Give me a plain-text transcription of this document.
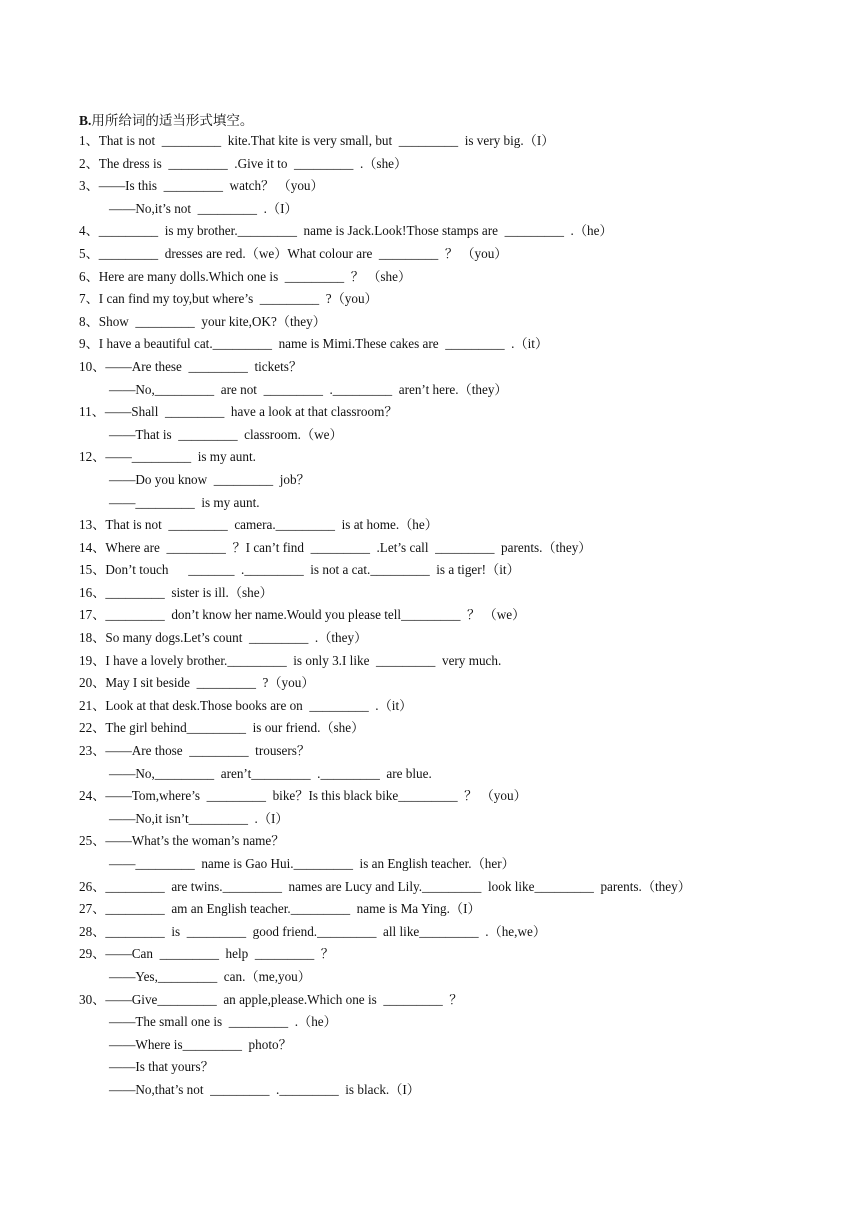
B.用所给词的适当形式填空。
1、That is not  _________  kite.That kite is very small, but  _________  is very big.（I）
2、The dress is  _________  .Give it to  _________  .（she）
3、——Is this  _________  watch？ （you）
——No,it’s not  _________  .（I）
4、_________  is my brother._________  name is Jack.Look!Those stamps are  _________  .（he）
5、_________  dresses are red.（we）What colour are  _________  ？ （you）
6、Here are many dolls.Which one is  _________  ？ （she）
7、I can find my toy,but where’s  _________  ?（you）
8、Show  _________  your kite,OK?（they）
9、I have a beautiful cat._________  name is Mimi.These cakes are  _________  .（it）
10、——Are these  _________  tickets？
——No,_________  are not  _________  ._________  aren’t here.（they）
11、——Shall  _________  have a look at that classroom？
——That is  _________  classroom.（we）
12、——_________  is my aunt.
——Do you know  _________  job？
——_________  is my aunt.
13、That is not  _________  camera._________  is at home.（he）
14、Where are  _________  ？I can’t find  _________  .Let’s call  _________  parents.（they）
15、Don’t touch      _______  ._________  is not a cat._________  is a tiger!（it）
16、_________  sister is ill.（she）
17、_________  don’t know her name.Would you please tell_________  ？ （we）
18、So many dogs.Let’s count  _________  .（they）
19、I have a lovely brother._________  is only 3.I like  _________  very much.
20、May I sit beside  _________  ?（you）
21、Look at that desk.Those books are on  _________  .（it）
22、The girl behind_________  is our friend.（she）
23、——Are those  _________  trousers？
——No,_________  aren’t_________  ._________  are blue.
24、——Tom,where’s  _________  bike？Is this black bike_________  ？ （you）
——No,it isn’t_________  .（I）
25、——What’s the woman’s name？
——_________  name is Gao Hui._________  is an English teacher.（her）
26、_________  are twins._________  names are Lucy and Lily._________  look like_________  parents.（they）
27、_________  am an English teacher._________  name is Ma Ying.（I）
28、_________  is  _________  good friend._________  all like_________  .（he,we）
29、——Can  _________  help  _________  ？
——Yes,_________  can.（me,you）
30、——Give_________  an apple,please.Which one is  _________  ？
——The small one is  _________  .（he）
——Where is_________  photo？
——Is that yours？
——No,that’s not  _________  ._________  is black.（I）
